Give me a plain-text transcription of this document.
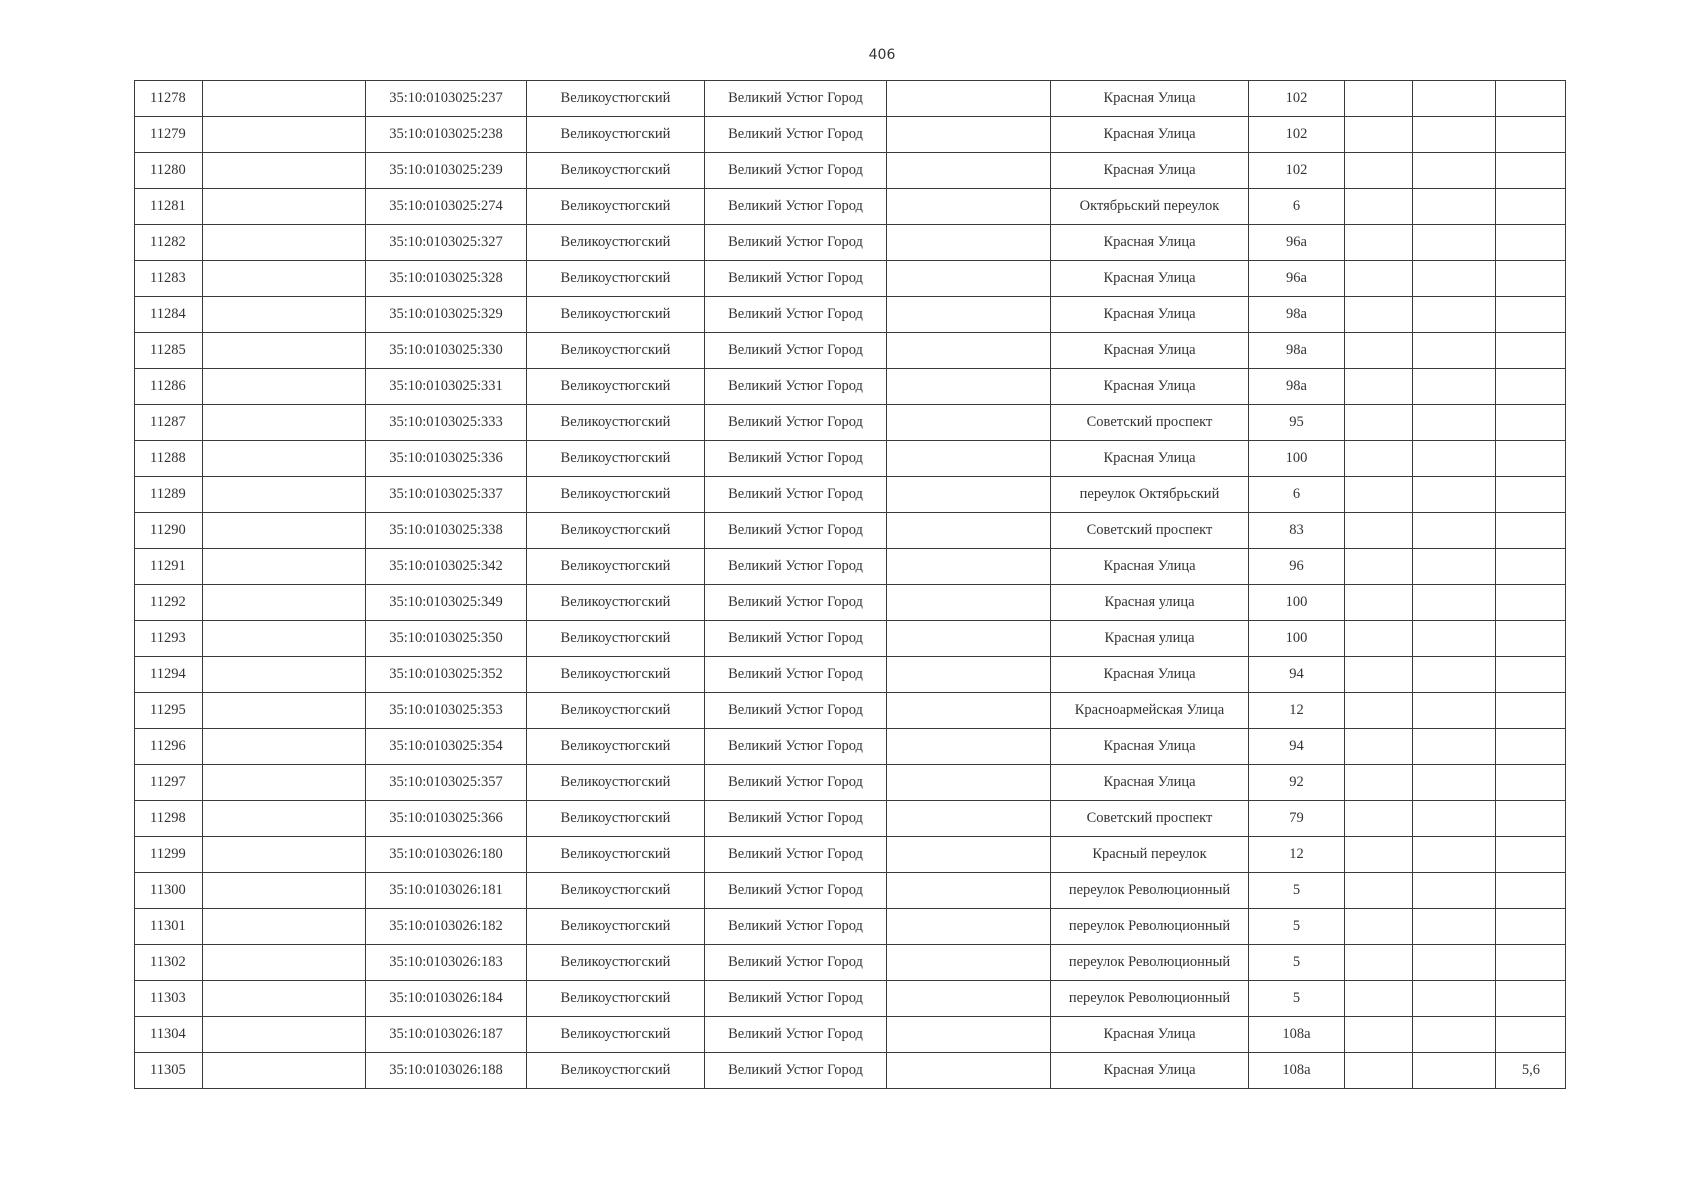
406
11278		35:10:0103025:237	Великоустюгский	Великий Устюг Город		Красная Улица	102			
11279		35:10:0103025:238	Великоустюгский	Великий Устюг Город		Красная Улица	102			
11280		35:10:0103025:239	Великоустюгский	Великий Устюг Город		Красная Улица	102			
11281		35:10:0103025:274	Великоустюгский	Великий Устюг Город		Октябрьский переулок	6			
11282		35:10:0103025:327	Великоустюгский	Великий Устюг Город		Красная Улица	96а			
11283		35:10:0103025:328	Великоустюгский	Великий Устюг Город		Красная Улица	96а			
11284		35:10:0103025:329	Великоустюгский	Великий Устюг Город		Красная Улица	98а			
11285		35:10:0103025:330	Великоустюгский	Великий Устюг Город		Красная Улица	98а			
11286		35:10:0103025:331	Великоустюгский	Великий Устюг Город		Красная Улица	98а			
11287		35:10:0103025:333	Великоустюгский	Великий Устюг Город		Советский проспект	95			
11288		35:10:0103025:336	Великоустюгский	Великий Устюг Город		Красная Улица	100			
11289		35:10:0103025:337	Великоустюгский	Великий Устюг Город		переулок Октябрьский	6			
11290		35:10:0103025:338	Великоустюгский	Великий Устюг Город		Советский проспект	83			
11291		35:10:0103025:342	Великоустюгский	Великий Устюг Город		Красная Улица	96			
11292		35:10:0103025:349	Великоустюгский	Великий Устюг Город		Красная улица	100			
11293		35:10:0103025:350	Великоустюгский	Великий Устюг Город		Красная улица	100			
11294		35:10:0103025:352	Великоустюгский	Великий Устюг Город		Красная Улица	94			
11295		35:10:0103025:353	Великоустюгский	Великий Устюг Город		Красноармейская Улица	12			
11296		35:10:0103025:354	Великоустюгский	Великий Устюг Город		Красная Улица	94			
11297		35:10:0103025:357	Великоустюгский	Великий Устюг Город		Красная Улица	92			
11298		35:10:0103025:366	Великоустюгский	Великий Устюг Город		Советский проспект	79			
11299		35:10:0103026:180	Великоустюгский	Великий Устюг Город		Красный переулок	12			
11300		35:10:0103026:181	Великоустюгский	Великий Устюг Город		переулок Революционный	5			
11301		35:10:0103026:182	Великоустюгский	Великий Устюг Город		переулок Революционный	5			
11302		35:10:0103026:183	Великоустюгский	Великий Устюг Город		переулок Революционный	5			
11303		35:10:0103026:184	Великоустюгский	Великий Устюг Город		переулок Революционный	5			
11304		35:10:0103026:187	Великоустюгский	Великий Устюг Город		Красная Улица	108а			
11305		35:10:0103026:188	Великоустюгский	Великий Устюг Город		Красная Улица	108а			5,6
